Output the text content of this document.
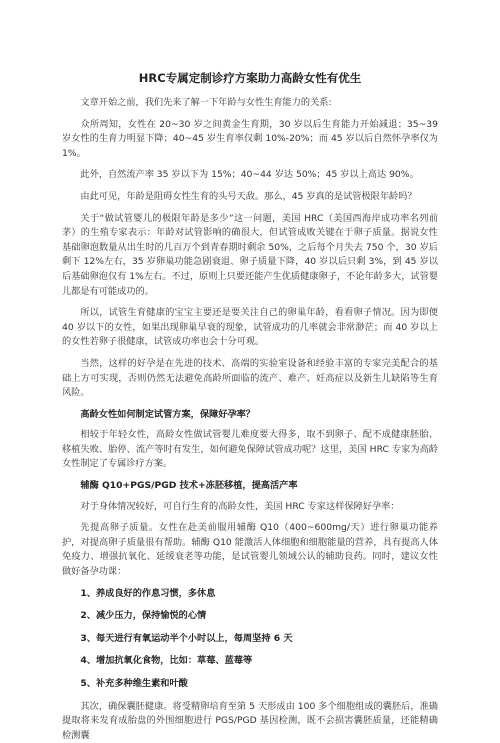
HRC专属定制诊疗方案助力高龄女性有优生

文章开始之前，我们先来了解一下年龄与女性生育能力的关系:

众所周知，女性在 20~30 岁之间黄金生育期，30 岁以后生育能力开始减退；35~39 岁女性的生育力明显下降；40~45 岁生育率仅剩 10%-20%；而 45 岁以后自然怀孕率仅为 1%。

此外，自然流产率 35 岁以下为 15%；40~44 岁达 50%；45 岁以上高达 90%。

由此可见，年龄是阻碍女性生育的头号天敌。那么，45 岁真的是试管极限年龄吗？

关于“做试管婴儿的极限年龄是多少”这一问题，美国 HRC（美国西海岸成功率名列前茅）的生殖专家表示：年龄对试管影响的确很大，但试管成败关键在于卵子质量。据说女性基础卵泡数量从出生时的几百万个到青春期时剩余 50%，之后每个月失去 750 个，30 岁后剩下 12%左右，35 岁卵巢功能急剧衰退、卵子质量下降，40 岁以后只剩 3%，到 45 岁以后基础卵泡仅有 1%左右。不过，原则上只要还能产生优质健康卵子，不论年龄多大，试管婴儿都是有可能成功的。

所以，试管生育健康的宝宝主要还是要关注自己的卵巢年龄，看看卵子情况。因为即便 40 岁以下的女性，如果出现卵巢早衰的现象，试管成功的几率就会非常渺茫；而 40 岁以上的女性若卵子很健康，试管成功率也会十分可观。

当然，这样的好孕是在先进的技术、高端的实验室设备和经验丰富的专家完美配合的基础上方可实现，否则仍然无法避免高龄所面临的流产、难产、妊高症以及新生儿缺陷等生育风险。

高龄女性如何制定试管方案，保障好孕率？

相较于年轻女性，高龄女性做试管婴儿难度要大得多，取不到卵子、配不成健康胚胎、移植失败、胎停、流产等时有发生，如何避免保障试管成功呢？这里，美国 HRC 专家为高龄女性制定了专属诊疗方案。

辅酶 Q10+PGS/PGD 技术+冻胚移植，提高活产率

对于身体情况较好，可自行生育的高龄女性，美国 HRC 专家这样保障好孕率：

先提高卵子质量。女性在赴美前服用辅酶 Q10（400~600mg/天）进行卵巢功能养护，对提高卵子质量很有帮助。辅酶 Q10 能激活人体细胞和细胞能量的营养，具有提高人体免疫力、增强抗氧化、延缓衰老等功能，是试管婴儿领域公认的辅助良药。同时，建议女性做好备孕功课：

1、养成良好的作息习惯，多休息

2、减少压力，保持愉悦的心情

3、每天进行有氧运动半个小时以上，每周坚持 6 天

4、增加抗氧化食物，比如：草莓、蓝莓等

5、补充多种维生素和叶酸

其次，确保囊胚健康。将受精卵培育至第 5 天形成由 100 多个细胞组成的囊胚后，准确提取将来发育成胎盘的外围细胞进行 PGS/PGD 基因检测，既不会损害囊胚质量，还能精确检测囊
